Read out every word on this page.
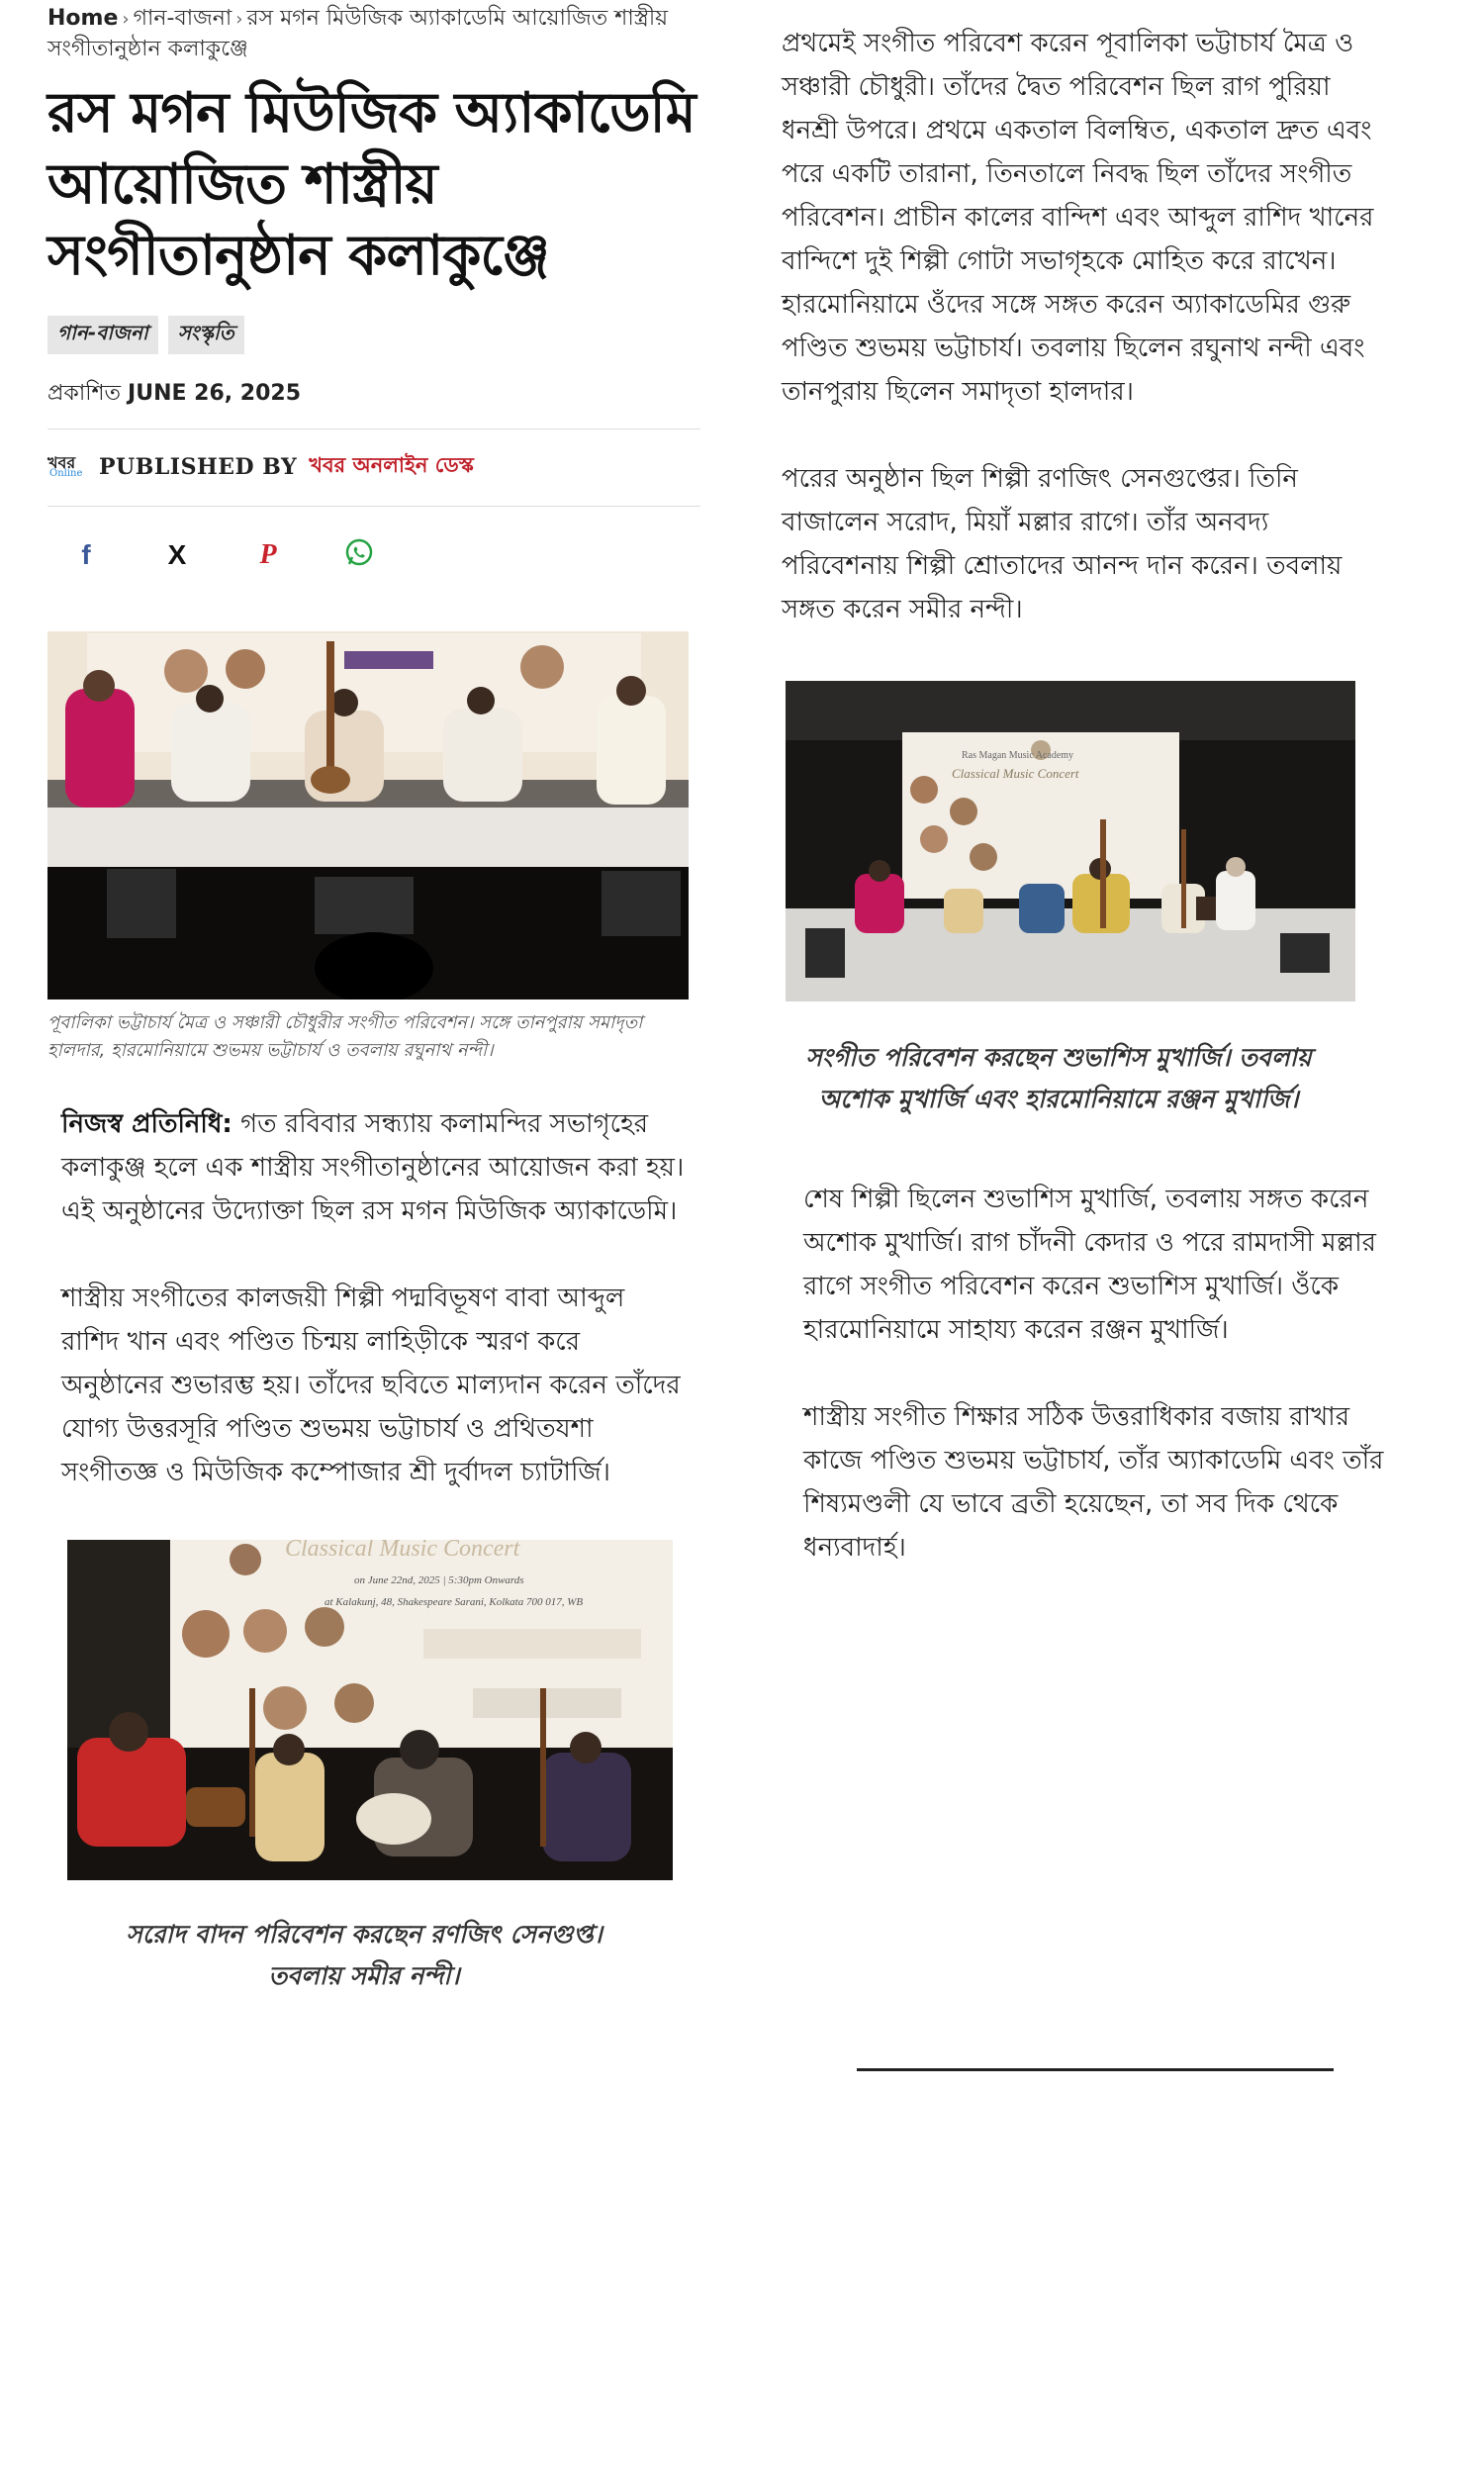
Home › গান-বাজনা › রস মগন মিউজিক অ্যাকাডেমি আয়োজিত শাস্ত্রীয় সংগীতানুষ্ঠান কলাকুঞ্জে
রস মগন মিউজিক অ্যাকাডেমি আয়োজিত শাস্ত্রীয় সংগীতানুষ্ঠান কলাকুঞ্জে
গান-বাজনা	সংস্কৃতি
প্রকাশিত JUNE 26, 2025
খবর
Online PUBLISHED BY খবর অনলাইন ডেস্ক
f	X	P
পূবালিকা ভট্টাচার্য মৈত্র ও সঞ্চারী চৌধুরীর সংগীত পরিবেশন। সঙ্গে তানপুরায় সমাদৃতা হালদার, হারমোনিয়ামে শুভময় ভট্টাচার্য ও তবলায় রঘুনাথ নন্দী।

নিজস্ব প্রতিনিধি: গত রবিবার সন্ধ্যায় কলামন্দির সভাগৃহের কলাকুঞ্জ হলে এক শাস্ত্রীয় সংগীতানুষ্ঠানের আয়োজন করা হয়। এই অনুষ্ঠানের উদ্যোক্তা ছিল রস মগন মিউজিক অ্যাকাডেমি।

শাস্ত্রীয় সংগীতের কালজয়ী শিল্পী পদ্মবিভূষণ বাবা আব্দুল রাশিদ খান এবং পণ্ডিত চিন্ময় লাহিড়ীকে স্মরণ করে অনুষ্ঠানের শুভারম্ভ হয়। তাঁদের ছবিতে মাল্যদান করেন তাঁদের যোগ্য উত্তরসূরি পণ্ডিত শুভময় ভট্টাচার্য ও প্রথিতযশা সংগীতজ্ঞ ও মিউজিক কম্পোজার শ্রী দুর্বাদল চ্যাটার্জি।

Classical Music Concert
on June 22nd, 2025 | 5:30pm Onwards
at Kalakunj, 48, Shakespeare Sarani, Kolkata 700 017, WB
সরোদ বাদন পরিবেশন করছেন রণজিৎ সেনগুপ্ত। তবলায় সমীর নন্দী।

প্রথমেই সংগীত পরিবেশ করেন পূবালিকা ভট্টাচার্য মৈত্র ও সঞ্চারী চৌধুরী। তাঁদের দ্বৈত পরিবেশন ছিল রাগ পুরিয়া ধনশ্রী উপরে। প্রথমে একতাল বিলম্বিত, একতাল দ্রুত এবং পরে একটি তারানা, তিনতালে নিবদ্ধ ছিল তাঁদের সংগীত পরিবেশন। প্রাচীন কালের বান্দিশ এবং আব্দুল রাশিদ খানের বান্দিশে দুই শিল্পী গোটা সভাগৃহকে মোহিত করে রাখেন। হারমোনিয়ামে ওঁদের সঙ্গে সঙ্গত করেন অ্যাকাডেমির গুরু পণ্ডিত শুভময় ভট্টাচার্য। তবলায় ছিলেন রঘুনাথ নন্দী এবং তানপুরায় ছিলেন সমাদৃতা হালদার।

পরের অনুষ্ঠান ছিল শিল্পী রণজিৎ সেনগুপ্তের। তিনি বাজালেন সরোদ, মিয়াঁ মল্লার রাগে। তাঁর অনবদ্য পরিবেশনায় শিল্পী শ্রোতাদের আনন্দ দান করেন। তবলায় সঙ্গত করেন সমীর নন্দী।

Ras Magan Music Academy
Classical Music Concert
সংগীত পরিবেশন করছেন শুভাশিস মুখার্জি। তবলায় অশোক মুখার্জি এবং হারমোনিয়ামে রঞ্জন মুখার্জি।

শেষ শিল্পী ছিলেন শুভাশিস মুখার্জি, তবলায় সঙ্গত করেন অশোক মুখার্জি। রাগ চাঁদনী কেদার ও পরে রামদাসী মল্লার রাগে সংগীত পরিবেশন করেন শুভাশিস মুখার্জি। ওঁকে হারমোনিয়ামে সাহায্য করেন রঞ্জন মুখার্জি।

শাস্ত্রীয় সংগীত শিক্ষার সঠিক উত্তরাধিকার বজায় রাখার কাজে পণ্ডিত শুভময় ভট্টাচার্য, তাঁর অ্যাকাডেমি এবং তাঁর শিষ্যমণ্ডলী যে ভাবে ব্রতী হয়েছেন, তা সব দিক থেকে ধন্যবাদার্হ।
